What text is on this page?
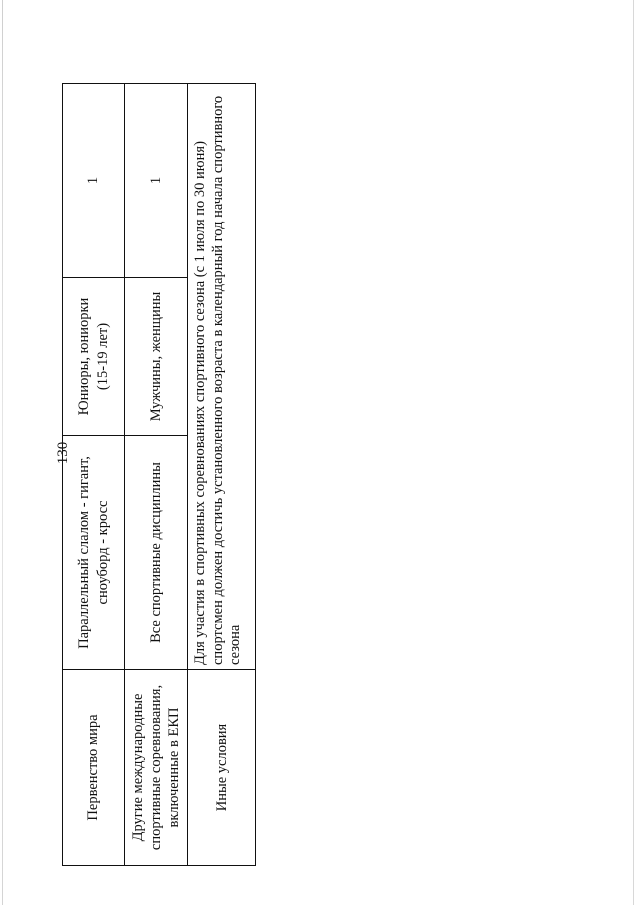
130
Первенство мира	Параллельный слалом - гигант, сноуборд - кросс	Юниоры, юниорки (15-19 лет)	1
Другие международные спортивные соревнования, включенные в ЕКП	Все спортивные дисциплины	Мужчины, женщины	1
Иные условия	Для участия в спортивных соревнованиях спортивного сезона (с 1 июля по 30 июня) спортсмен должен достичь установленного возраста в календарный год начала спортивного сезона		
